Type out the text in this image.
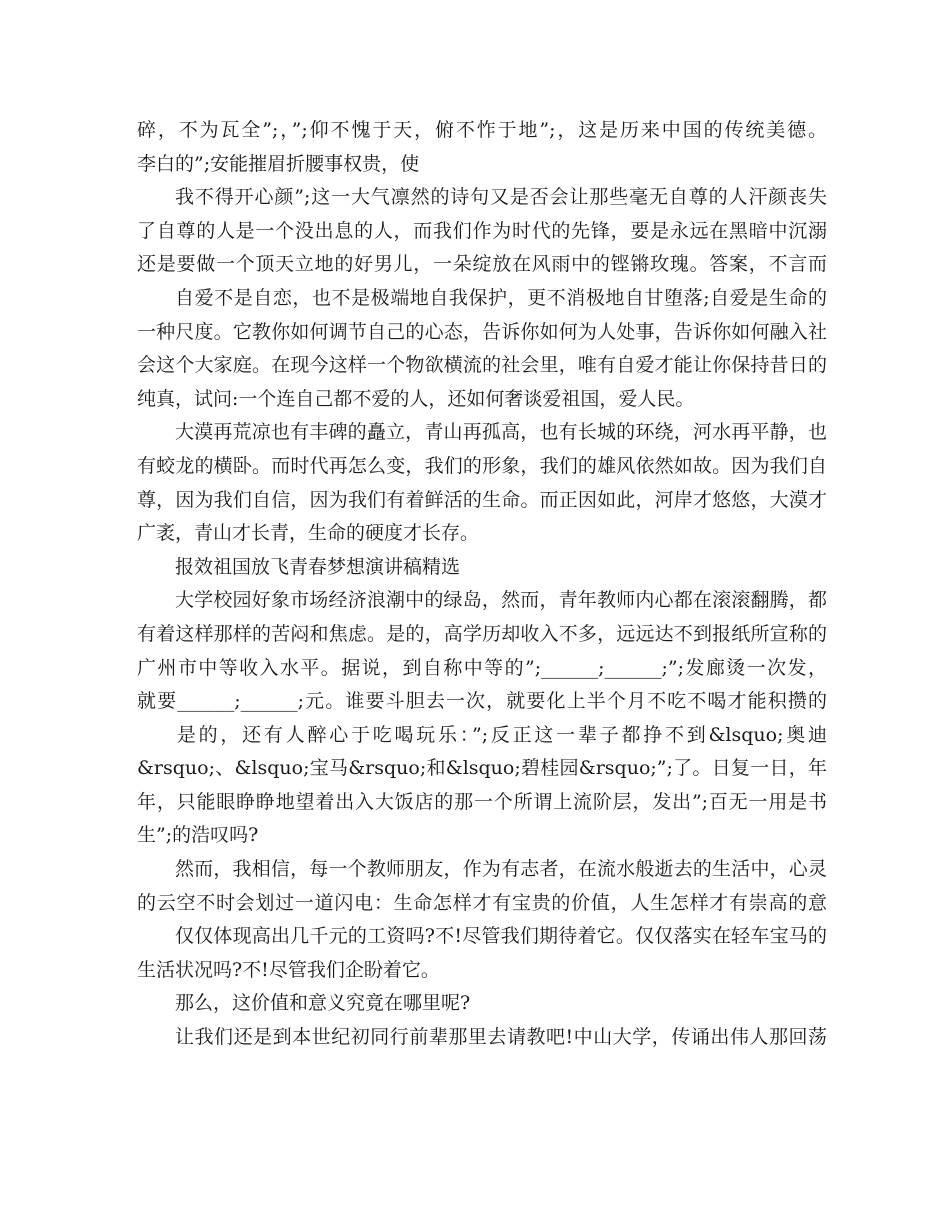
碎，不为瓦全”;，”;仰不愧于天，俯不怍于地”;，这是历来中国的传统美德。
李白的”;安能摧眉折腰事权贵，使
我不得开心颜”;这一大气凛然的诗句又是否会让那些毫无自尊的人汗颜丧失
了自尊的人是一个没出息的人，而我们作为时代的先锋，要是永远在黑暗中沉溺
还是要做一个顶天立地的好男儿，一朵绽放在风雨中的铿锵玫瑰。答案，不言而
自爱不是自恋，也不是极端地自我保护，更不消极地自甘堕落;自爱是生命的
一种尺度。它教你如何调节自己的心态，告诉你如何为人处事，告诉你如何融入社
会这个大家庭。在现今这样一个物欲横流的社会里，唯有自爱才能让你保持昔日的
纯真，试问:一个连自己都不爱的人，还如何奢谈爱祖国，爱人民。
大漠再荒凉也有丰碑的矗立，青山再孤高，也有长城的环绕，河水再平静，也
有蛟龙的横卧。而时代再怎么变，我们的形象，我们的雄风依然如故。因为我们自
尊，因为我们自信，因为我们有着鲜活的生命。而正因如此，河岸才悠悠，大漠才
广袤，青山才长青，生命的硬度才长存。
报效祖国放飞青春梦想演讲稿精选
大学校园好象市场经济浪潮中的绿岛，然而，青年教师内心都在滚滚翻腾，都
有着这样那样的苦闷和焦虑。是的，高学历却收入不多，远远达不到报纸所宣称的
广州市中等收入水平。据说，到自称中等的”;______;______;”;发廊烫一次发，
就要______;______;元。谁要斗胆去一次，就要化上半个月不吃不喝才能积攒的
是的，还有人醉心于吃喝玩乐：”;反正这一辈子都挣不到&lsquo;奥迪
&rsquo;、&lsquo;宝马&rsquo;和&lsquo;碧桂园&rsquo;”;了。日复一日，年
年，只能眼睁睁地望着出入大饭店的那一个所谓上流阶层，发出”;百无一用是书
生”;的浩叹吗?
然而，我相信，每一个教师朋友，作为有志者，在流水般逝去的生活中，心灵
的云空不时会划过一道闪电：生命怎样才有宝贵的价值，人生怎样才有崇高的意
仅仅体现高出几千元的工资吗?不!尽管我们期待着它。仅仅落实在轻车宝马的
生活状况吗?不!尽管我们企盼着它。
那么，这价值和意义究竟在哪里呢?
让我们还是到本世纪初同行前辈那里去请教吧!中山大学，传诵出伟人那回荡
